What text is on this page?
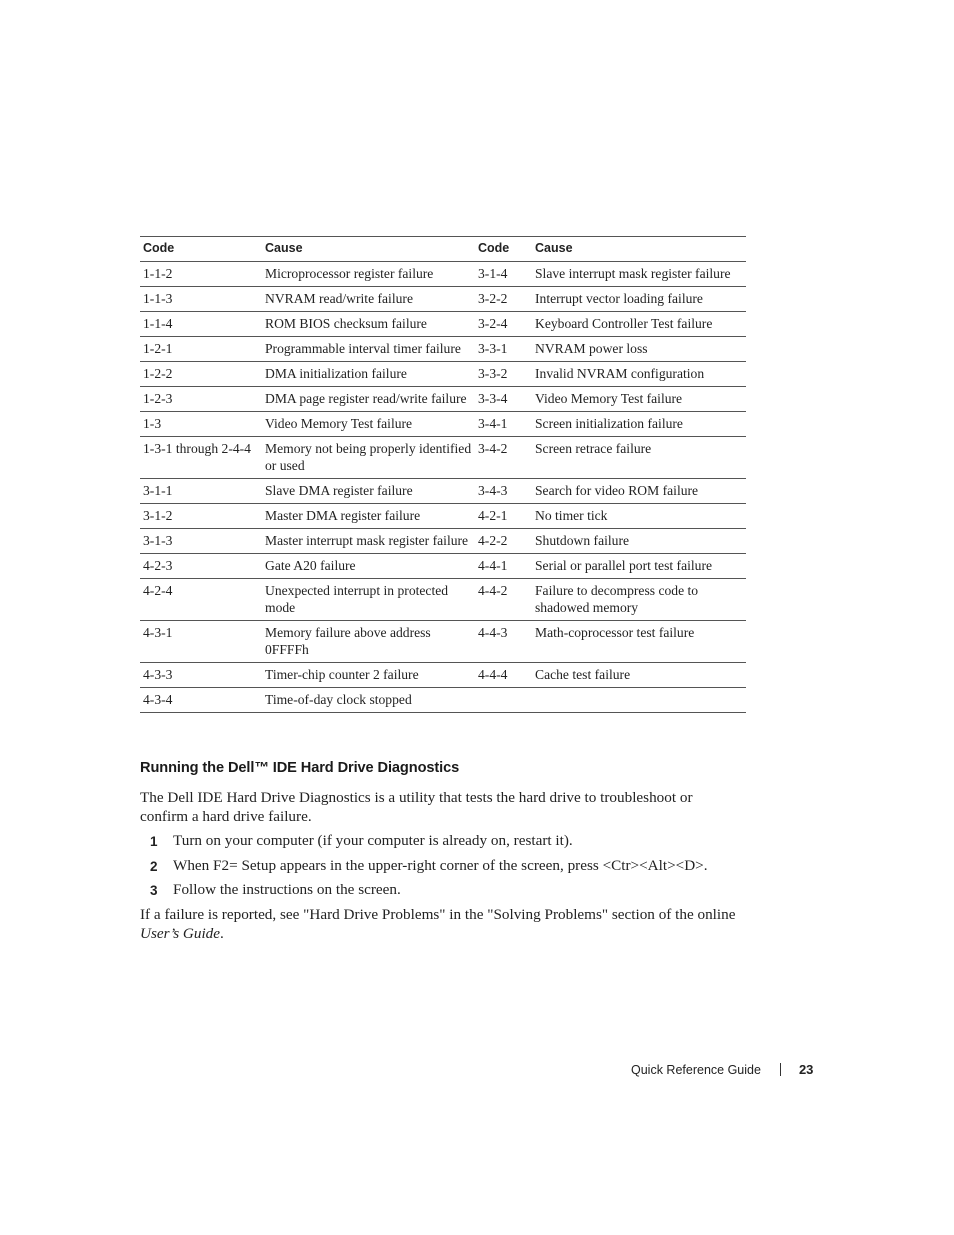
Code	Cause	Code	Cause
1-1-2	Microprocessor register failure	3-1-4	Slave interrupt mask register failure
1-1-3	NVRAM read/write failure	3-2-2	Interrupt vector loading failure
1-1-4	ROM BIOS checksum failure	3-2-4	Keyboard Controller Test failure
1-2-1	Programmable interval timer failure	3-3-1	NVRAM power loss
1-2-2	DMA initialization failure	3-3-2	Invalid NVRAM configuration
1-2-3	DMA page register read/write failure	3-3-4	Video Memory Test failure
1-3	Video Memory Test failure	3-4-1	Screen initialization failure
1-3-1 through 2-4-4	Memory not being properly identified or used	3-4-2	Screen retrace failure
3-1-1	Slave DMA register failure	3-4-3	Search for video ROM failure
3-1-2	Master DMA register failure	4-2-1	No timer tick
3-1-3	Master interrupt mask register failure	4-2-2	Shutdown failure
4-2-3	Gate A20 failure	4-4-1	Serial or parallel port test failure
4-2-4	Unexpected interrupt in protected mode	4-4-2	Failure to decompress code to shadowed memory
4-3-1	Memory failure above address 0FFFFh	4-4-3	Math-coprocessor test failure
4-3-3	Timer-chip counter 2 failure	4-4-4	Cache test failure
4-3-4	Time-of-day clock stopped		
Running the Dell™ IDE Hard Drive Diagnostics

The Dell IDE Hard Drive Diagnostics is a utility that tests the hard drive to troubleshoot or confirm a hard drive failure.

1 Turn on your computer (if your computer is already on, restart it).
2 When F2= Setup appears in the upper-right corner of the screen, press <Ctr><Alt><D>.
3 Follow the instructions on the screen.

If a failure is reported, see "Hard Drive Problems" in the "Solving Problems" section of the online User’s Guide.

Quick Reference Guide	23
